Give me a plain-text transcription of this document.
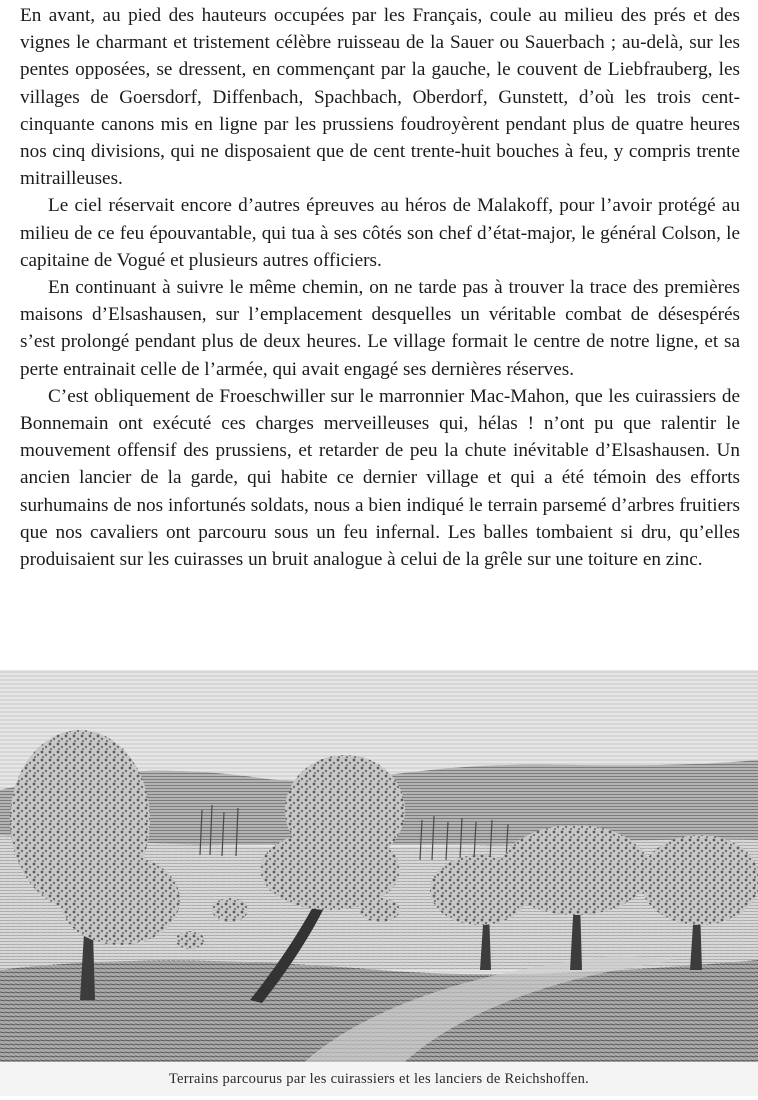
En avant, au pied des hauteurs occupées par les Français, coule au milieu des prés et des vignes le charmant et tristement célèbre ruisseau de la Sauer ou Sauerbach ; au-delà, sur les pentes opposées, se dressent, en commençant par la gauche, le couvent de Liebfrauberg, les villages de Goersdorf, Diffenbach, Spachbach, Oberdorf, Gunstett, d’où les trois cent-cinquante canons mis en ligne par les prussiens foudroyèrent pendant plus de quatre heures nos cinq divisions, qui ne disposaient que de cent trente-huit bouches à feu, y compris trente mitrailleuses.

Le ciel réservait encore d’autres épreuves au héros de Malakoff, pour l’avoir protégé au milieu de ce feu épouvantable, qui tua à ses côtés son chef d’état-major, le général Colson, le capitaine de Vogué et plusieurs autres officiers.

En continuant à suivre le même chemin, on ne tarde pas à trouver la trace des premières maisons d’Elsashausen, sur l’emplacement desquelles un véritable combat de désespérés s’est prolongé pendant plus de deux heures. Le village formait le centre de notre ligne, et sa perte entrainait celle de l’armée, qui avait engagé ses dernières réserves.

C’est obliquement de Froeschwiller sur le marronnier Mac-Mahon, que les cuirassiers de Bonnemain ont exécuté ces charges merveilleuses qui, hélas ! n’ont pu que ralentir le mouvement offensif des prussiens, et retarder de peu la chute inévitable d’Elsashausen. Un ancien lancier de la garde, qui habite ce dernier village et qui a été témoin des efforts surhumains de nos infortunés soldats, nous a bien indiqué le terrain parsemé d’arbres fruitiers que nos cavaliers ont parcouru sous un feu infernal. Les balles tombaient si dru, qu’elles produisaient sur les cuirasses un bruit analogue à celui de la grêle sur une toiture en zinc.

Terrains parcourus par les cuirassiers et les lanciers de Reichshoffen.
